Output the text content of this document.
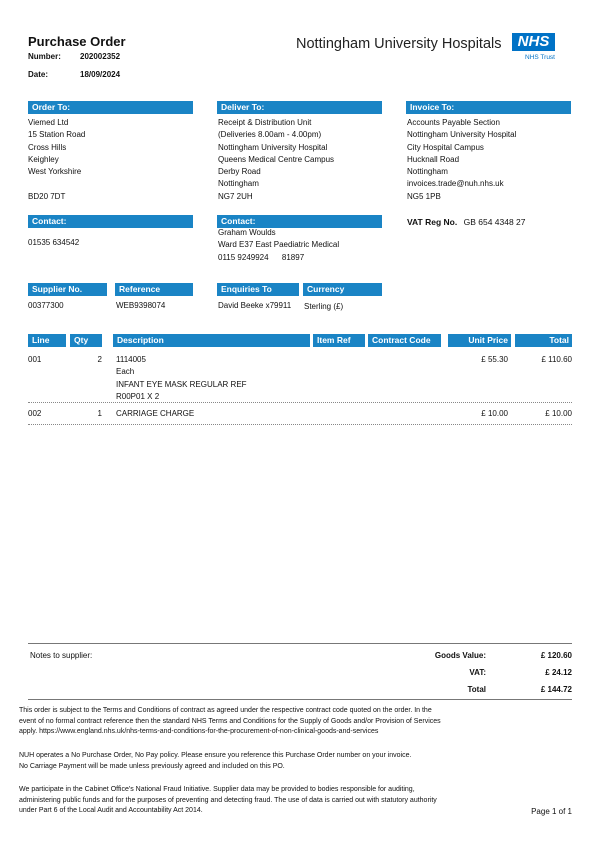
Purchase Order
Number: 202002352
Date:	18/09/2024
Nottingham University Hospitals	NHS
NHS Trust
Order To:
Viemed Ltd
15 Station Road
Cross Hills
Keighley
West Yorkshire
BD20 7DT
Deliver To:
Receipt & Distribution Unit
(Deliveries 8.00am - 4.00pm)
Nottingham University Hospital
Queens Medical Centre Campus
Derby Road
Nottingham
NG7 2UH
Invoice To:
Accounts Payable Section
Nottingham University Hospital
City Hospital Campus
Hucknall Road
Nottingham
invoices.trade@nuh.nhs.uk
NG5 1PB
Contact:
01535 634542
Contact:
Graham Woulds
Ward E37 East Paediatric Medical
0115 9249924      81897
VAT Reg No. GB 654 4348 27
Supplier No.	Reference	Enquiries To	Currency
00377300	WEB9398074	David Beeke x79911 Sterling (£)
Line	Qty	Description	Item Ref	Contract Code	Unit Price	Total
001	2 1114005
Each
INFANT EYE MASK REGULAR REF
R00P01 X 2
£ 55.30	£ 110.60
002	1 CARRIAGE CHARGE	£ 10.00	£ 10.00
Notes to supplier:	Goods Value:	£ 120.60
VAT:	£ 24.12
Total	£ 144.72
This order is subject to the Terms and Conditions of contract as agreed under the respective contract code quoted on the order. In the
event of no formal contract reference then the standard NHS Terms and Conditions for the Supply of Goods and/or Provision of Services
apply. https://www.england.nhs.uk/nhs-terms-and-conditions-for-the-procurement-of-non-clinical-goods-and-services
NUH operates a No Purchase Order, No Pay policy. Please ensure you reference this Purchase Order number on your invoice.
No Carriage Payment will be made unless previously agreed and included on this PO.
We participate in the Cabinet Office's National Fraud Initiative. Supplier data may be provided to bodies responsible for auditing,
administering public funds and for the purposes of preventing and detecting fraud. The use of data is carried out with statutory authority
under Part 6 of the Local Audit and Accountability Act 2014.	Page 1 of 1
